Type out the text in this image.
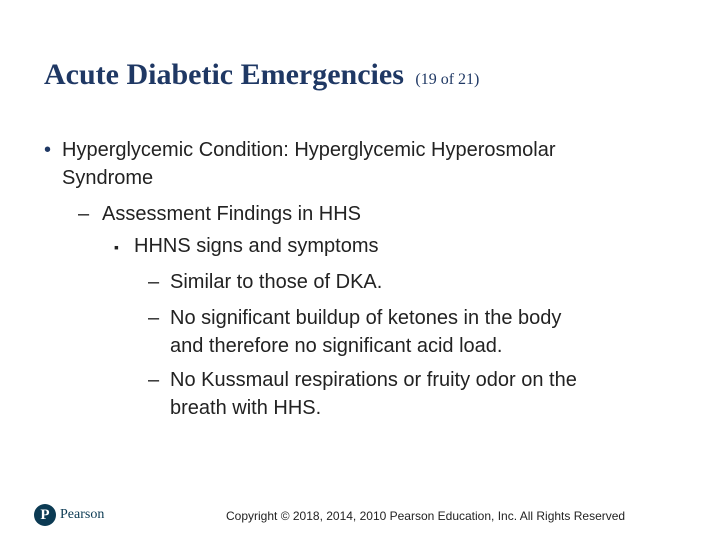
Acute Diabetic Emergencies (19 of 21)
• Hyperglycemic Condition: Hyperglycemic Hyperosmolar
Syndrome
– Assessment Findings in HHS
▪ HHNS signs and symptoms
– Similar to those of DKA.
– No significant buildup of ketones in the body
and therefore no significant acid load.
– No Kussmaul respirations or fruity odor on the
breath with HHS.
P Pearson	Copyright © 2018, 2014, 2010 Pearson Education, Inc. All Rights Reserved
